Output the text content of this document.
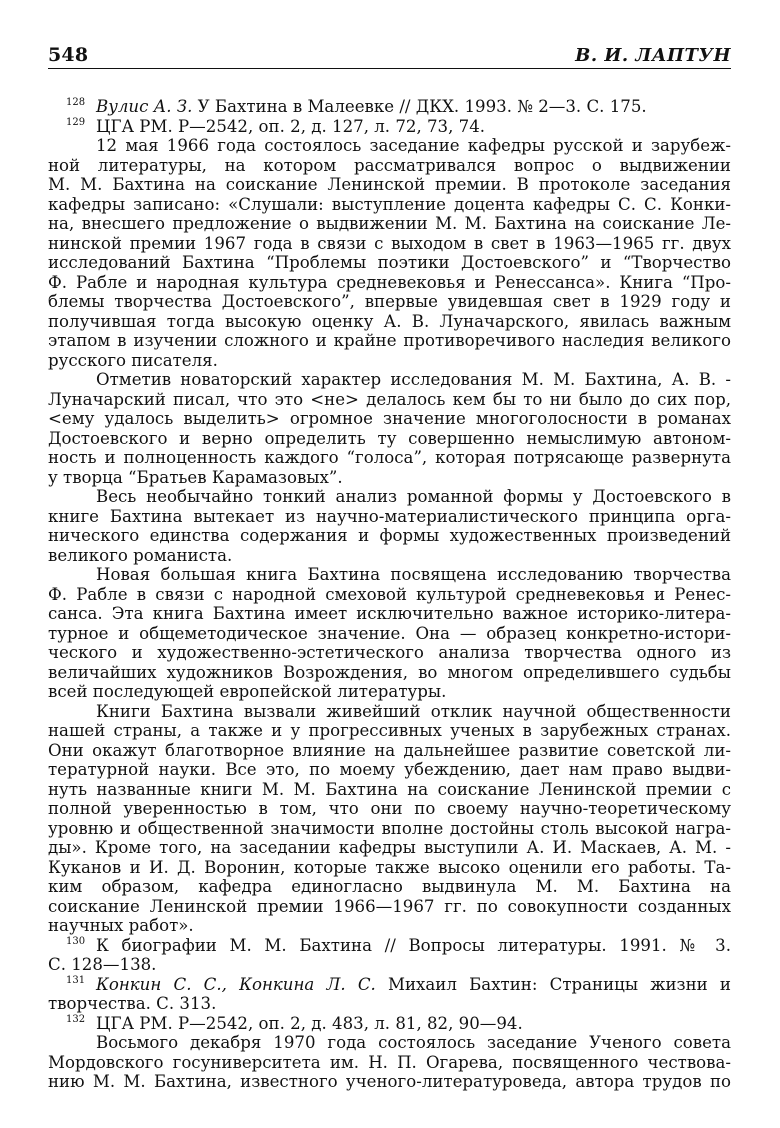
548	В. И. ЛАПТУН
128 Вулис А. З. У Бахтина в Малеевке // ДКХ. 1993. № 2—3. С. 175.
129 ЦГА РМ. Р—2542, оп. 2, д. 127, л. 72, 73, 74.
12 мая 1966 года состоялось заседание кафедры русской и зарубеж-
ной литературы, на котором рассматривался вопрос о выдвижении
М. М. Бахтина на соискание Ленинской премии. В протоколе заседания
кафедры записано: «Слушали: выступление доцента кафедры С. С. Конки-
на, внесшего предложение о выдвижении М. М. Бахтина на соискание Ле-
нинской премии 1967 года в связи с выходом в свет в 1963—1965 гг. двух
исследований Бахтина “Проблемы поэтики Достоевского” и “Творчество
Ф. Рабле и народная культура средневековья и Ренессанса». Книга “Про-
блемы творчества Достоевского”, впервые увидевшая свет в 1929 году и
получившая тогда высокую оценку А. В. Луначарского, явилась важным
этапом в изучении сложного и крайне противоречивого наследия великого
русского писателя.
Отметив новаторский характер исследования М. М. Бахтина, А. В. -
Луначарский писал, что это <не> делалось кем бы то ни было до сих пор,
<ему удалось выделить> огромное значение многоголосности в романах
Достоевского и верно определить ту совершенно немыслимую автоном-
ность и полноценность каждого “голоса”, которая потрясающе развернута
у творца “Братьев Карамазовых”.
Весь необычайно тонкий анализ романной формы у Достоевского в
книге Бахтина вытекает из научно-материалистического принципа орга-
нического единства содержания и формы художественных произведений
великого романиста.
Новая большая книга Бахтина посвящена исследованию творчества
Ф. Рабле в связи с народной смеховой культурой средневековья и Ренес-
санса. Эта книга Бахтина имеет исключительно важное историко-литера-
турное и общеметодическое значение. Она — образец конкретно-истори-
ческого и художественно-эстетического анализа творчества одного из
величайших художников Возрождения, во многом определившего судьбы
всей последующей европейской литературы.
Книги Бахтина вызвали живейший отклик научной общественности
нашей страны, а также и у прогрессивных ученых в зарубежных странах.
Они окажут благотворное влияние на дальнейшее развитие советской ли-
тературной науки. Все это, по моему убеждению, дает нам право выдви-
нуть названные книги М. М. Бахтина на соискание Ленинской премии с
полной уверенностью в том, что они по своему научно-теоретическому
уровню и общественной значимости вполне достойны столь высокой награ-
ды». Кроме того, на заседании кафедры выступили А. И. Маскаев, А. М. -
Куканов и И. Д. Воронин, которые также высоко оценили его работы. Та-
ким образом, кафедра единогласно выдвинула М. М. Бахтина на
соискание Ленинской премии 1966—1967 гг. по совокупности созданных
научных работ».
130 К биографии М. М. Бахтина // Вопросы литературы. 1991. № 3.
С. 128—138.
131 Конкин С. С., Конкина Л. С. Михаил Бахтин: Страницы жизни и
творчества. С. 313.
132 ЦГА РМ. Р—2542, оп. 2, д. 483, л. 81, 82, 90—94.
Восьмого декабря 1970 года состоялось заседание Ученого совета
Мордовского госуниверситета им. Н. П. Огарева, посвященного чествова-
нию М. М. Бахтина, известного ученого-литературоведа, автора трудов по
